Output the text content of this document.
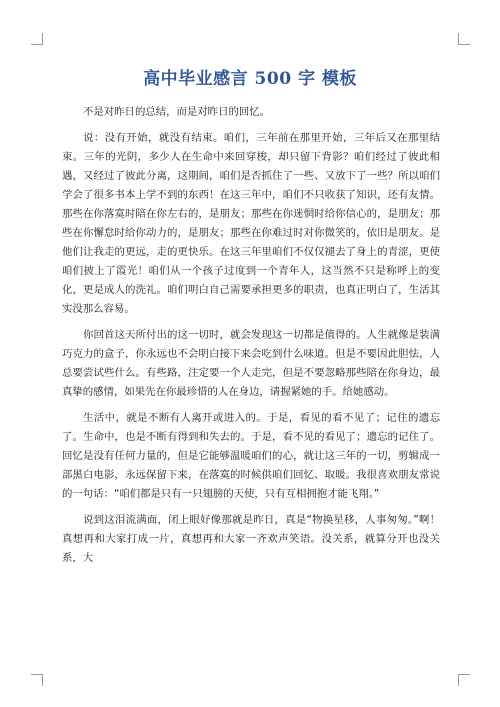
高中毕业感言 500 字 模板

不是对昨日的总结，而是对昨日的回忆。

说：没有开始，就没有结束。咱们，三年前在那里开始，三年后又在那里结束。三年的光阴，多少人在生命中来回穿梭，却只留下背影？咱们经过了彼此相遇，又经过了彼此分离，这期间，咱们是否抓住了一些、又放下了一些？所以咱们学会了很多书本上学不到的东西！在这三年中，咱们不只收获了知识，还有友情。那些在你落寞时陪在你左右的，是朋友；那些在你迷惘时给你信心的，是朋友；那些在你懈怠时给你动力的，是朋友；那些在你难过时对你微笑的，依旧是朋友。是他们让我走的更远，走的更快乐。在这三年里咱们不仅仅褪去了身上的青涩，更使咱们披上了霞光！咱们从一个孩子过度到一个青年人，这当然不只是称呼上的变化，更是成人的洗礼。咱们明白自己需要承担更多的职责，也真正明白了，生活其实没那么容易。

你回首这天所付出的这一切时，就会发现这一切都是值得的。人生就像是装满巧克力的盒子，你永远也不会明白接下来会吃到什么味道。但是不要因此胆怯，人总要尝试些什么。有些路，注定要一个人走完，但是不要忽略那些陪在你身边，最真挚的感情，如果先在你最珍惜的人在身边，请握紧她的手。给她感动。

生活中，就是不断有人离开或进入的。于是，看见的看不见了；记住的遗忘了。生命中，也是不断有得到和失去的。于是，看不见的看见了；遗忘的记住了。回忆是没有任何力量的，但是它能够温暖咱们的心，就让这三年的一切，剪辑成一部黑白电影，永远保留下来，在落寞的时候供咱们回忆、取暖。我很喜欢朋友常说的一句话：“咱们都是只有一只翅膀的天使，只有互相拥抱才能飞翔。”

说到这泪流满面，闭上眼好像那就是昨日，真是“物换星移，人事匆匆。”啊！真想再和大家打成一片，真想再和大家一齐欢声笑语。没关系，就算分开也没关系，大
